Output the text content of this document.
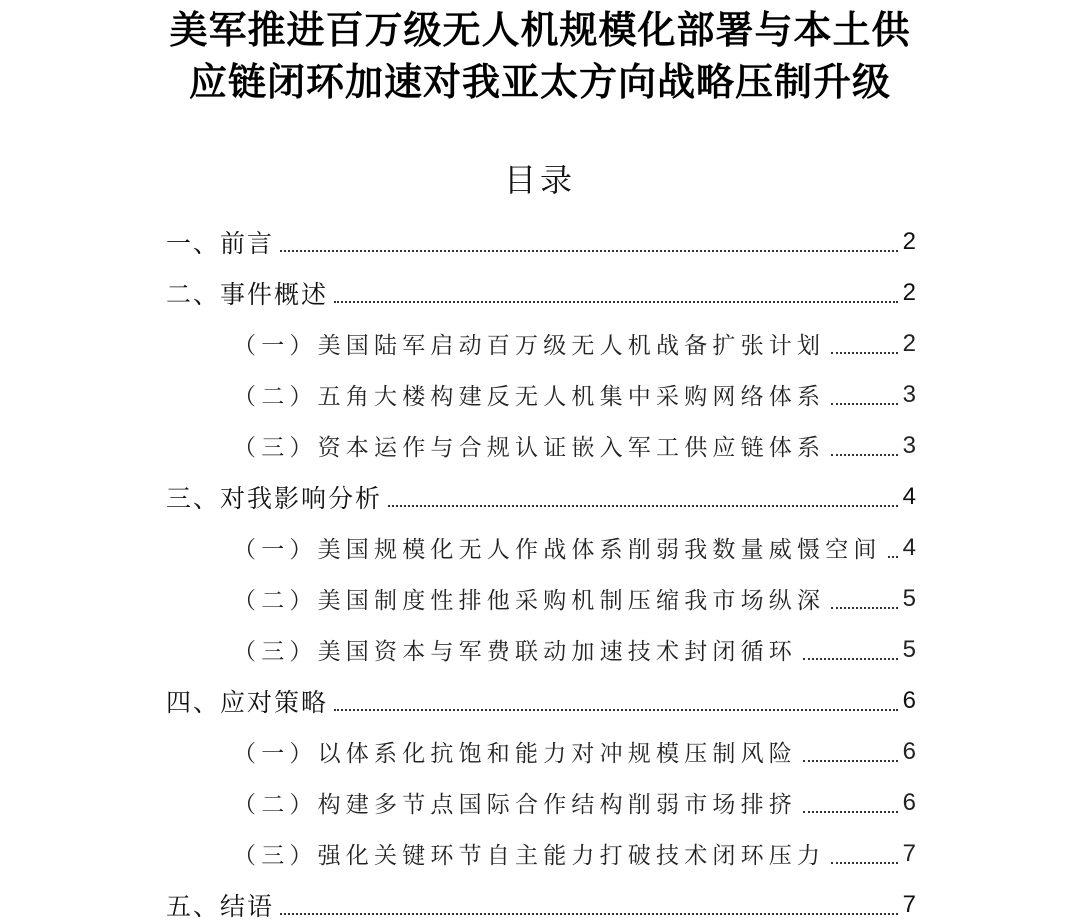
美军推进百万级无人机规模化部署与本土供应链闭环加速对我亚太方向战略压制升级
目录
一、前言	2
二、事件概述	2
（一）美国陆军启动百万级无人机战备扩张计划	2
（二）五角大楼构建反无人机集中采购网络体系	3
（三）资本运作与合规认证嵌入军工供应链体系	3
三、对我影响分析	4
（一）美国规模化无人作战体系削弱我数量威慑空间 4
（二）美国制度性排他采购机制压缩我市场纵深	5
（三）美国资本与军费联动加速技术封闭循环	5
四、应对策略	6
（一）以体系化抗饱和能力对冲规模压制风险	6
（二）构建多节点国际合作结构削弱市场排挤	6
（三）强化关键环节自主能力打破技术闭环压力	7
五、结语	7
